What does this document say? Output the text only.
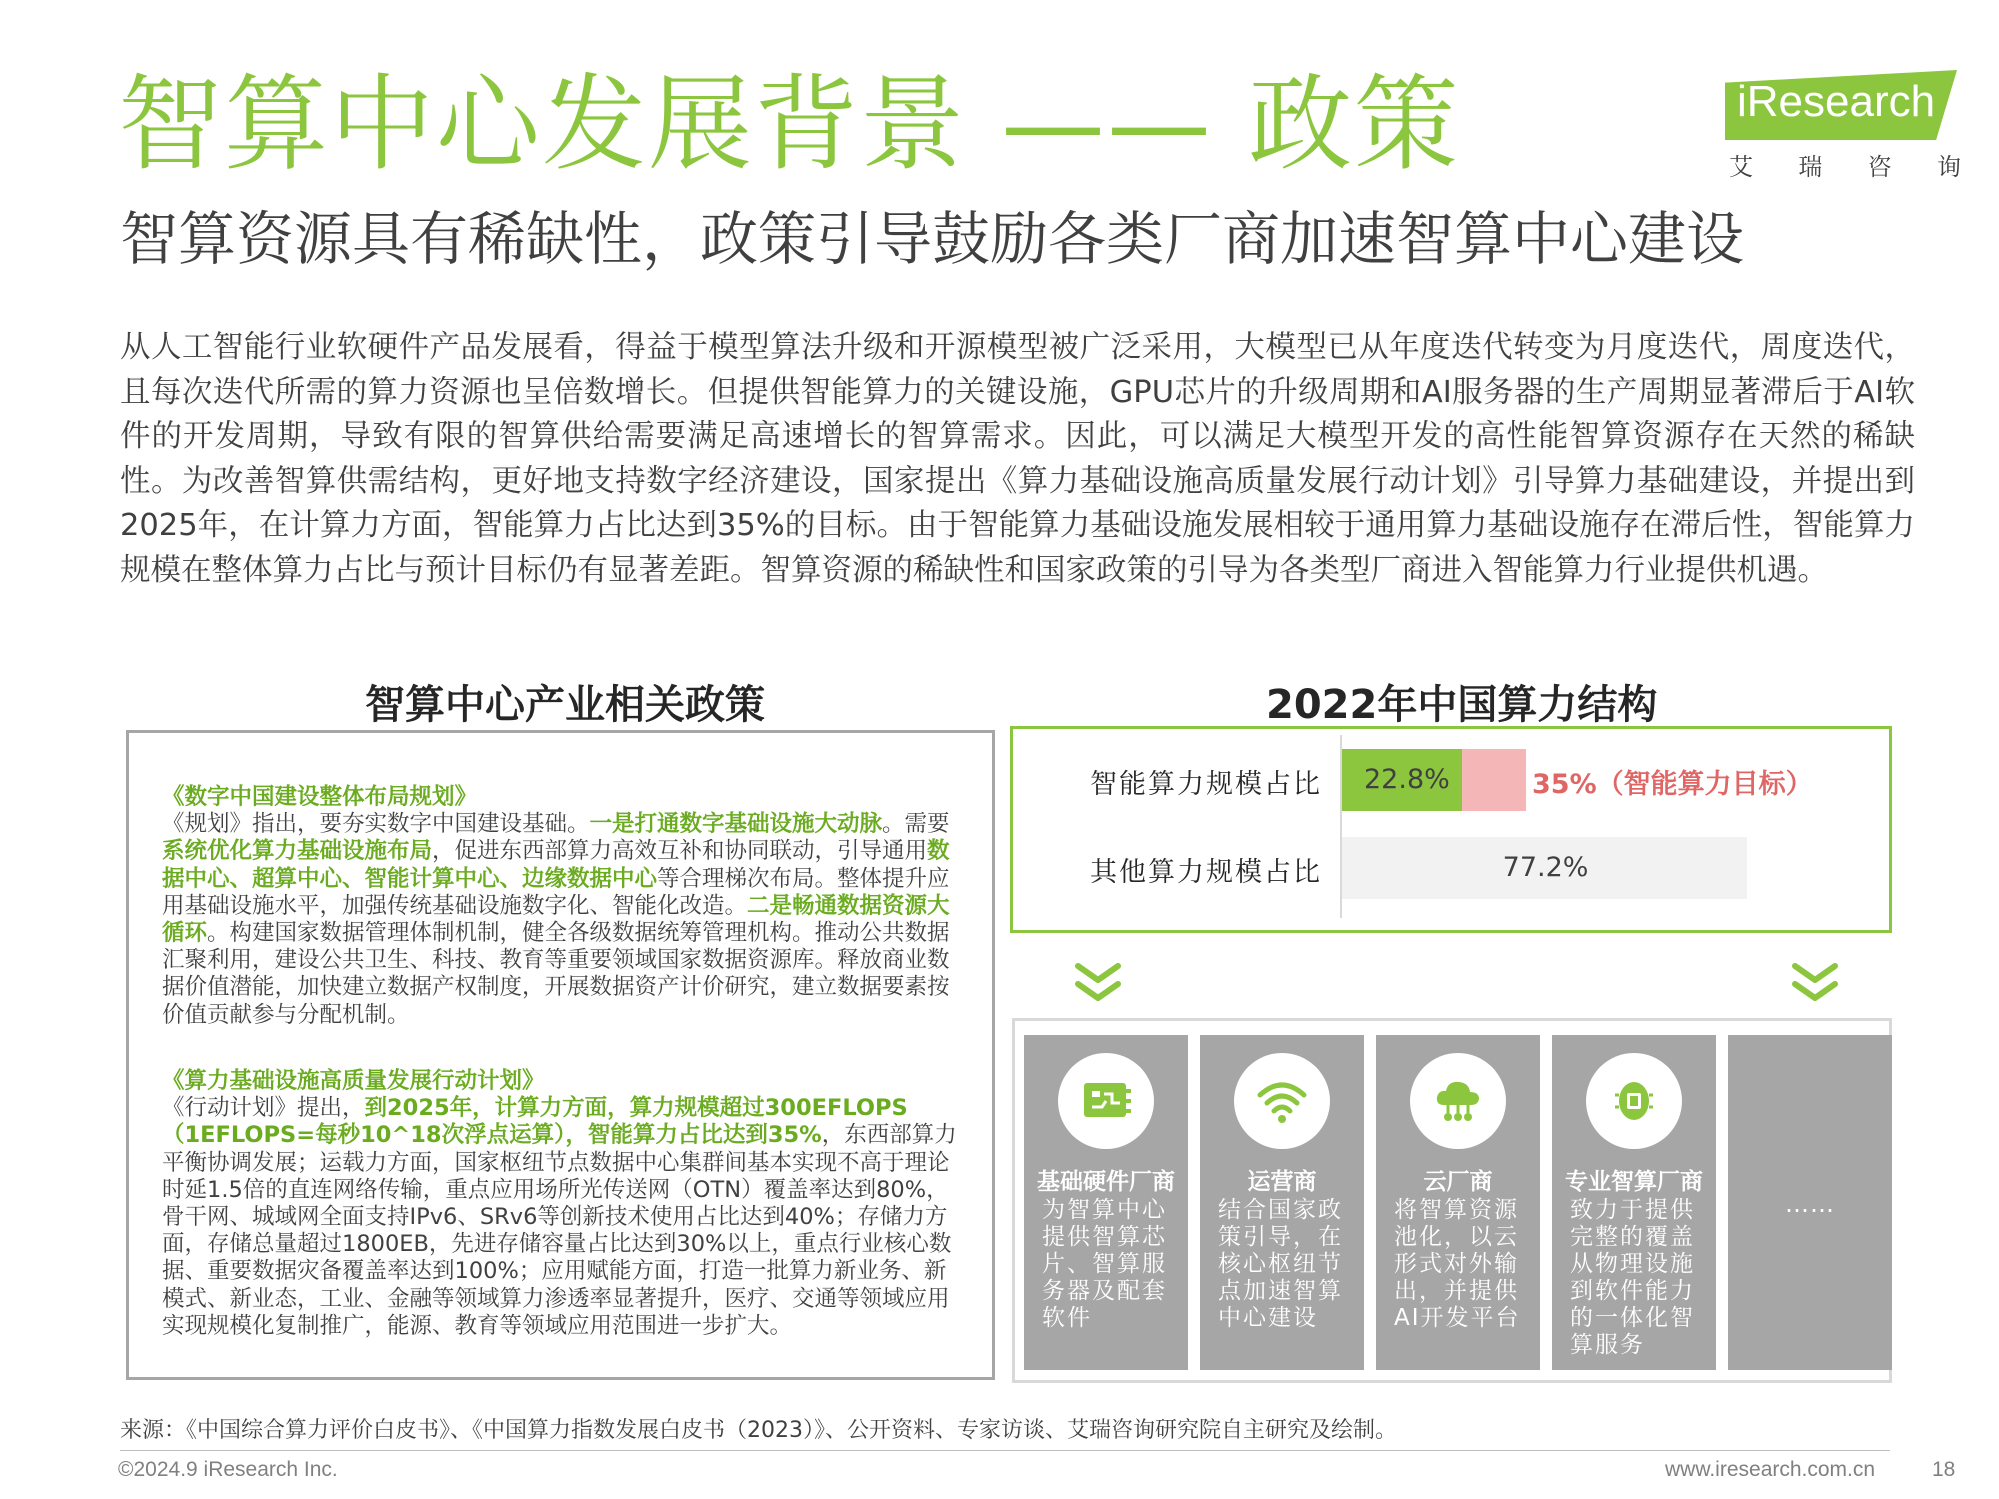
智算中心发展背景 —— 政策
智算资源具有稀缺性，政策引导鼓励各类厂商加速智算中心建设
iResearch
艾 瑞 咨 询
从人工智能行业软硬件产品发展看，得益于模型算法升级和开源模型被广泛采用，大模型已从年度迭代转变为月度迭代，周度迭代，且每次迭代所需的算力资源也呈倍数增长。但提供智能算力的关键设施，GPU芯片的升级周期和AI服务器的生产周期显著滞后于AI软件的开发周期，导致有限的智算供给需要满足高速增长的智算需求。因此，可以满足大模型开发的高性能智算资源存在天然的稀缺性。为改善智算供需结构，更好地支持数字经济建设，国家提出《算力基础设施高质量发展行动计划》引导算力基础建设，并提出到2025年，在计算力方面，智能算力占比达到35%的目标。由于智能算力基础设施发展相较于通用算力基础设施存在滞后性，智能算力规模在整体算力占比与预计目标仍有显著差距。智算资源的稀缺性和国家政策的引导为各类型厂商进入智能算力行业提供机遇。
智算中心产业相关政策	2022年中国算力结构
《数字中国建设整体布局规划》
《规划》指出，要夯实数字中国建设基础。一是打通数字基础设施大动脉。需要系统优化算力基础设施布局，促进东西部算力高效互补和协同联动，引导通用数据中心、超算中心、智能计算中心、边缘数据中心等合理梯次布局。整体提升应用基础设施水平，加强传统基础设施数字化、智能化改造。二是畅通数据资源大循环。构建国家数据管理体制机制，健全各级数据统筹管理机构。推动公共数据汇聚利用，建设公共卫生、科技、教育等重要领域国家数据资源库。释放商业数据价值潜能，加快建立数据产权制度，开展数据资产计价研究，建立数据要素按价值贡献参与分配机制。
《算力基础设施高质量发展行动计划》
《行动计划》提出，到2025年，计算力方面，算力规模超过300EFLOPS（1EFLOPS=每秒10^18次浮点运算），智能算力占比达到35%，东西部算力平衡协调发展；运载力方面，国家枢纽节点数据中心集群间基本实现不高于理论时延1.5倍的直连网络传输，重点应用场所光传送网（OTN）覆盖率达到80%，骨干网、城域网全面支持IPv6、SRv6等创新技术使用占比达到40%；存储力方面，存储总量超过1800EB，先进存储容量占比达到30%以上，重点行业核心数据、重要数据灾备覆盖率达到100%；应用赋能方面，打造一批算力新业务、新模式、新业态，工业、金融等领域算力渗透率显著提升，医疗、交通等领域应用实现规模化复制推广，能源、教育等领域应用范围进一步扩大。
智能算力规模占比
其他算力规模占比
22.8%
77.2%
35%（智能算力目标）
基础硬件厂商
为智算中心提供智算芯片、智算服务器及配套软件
运营商
结合国家政策引导，在核心枢纽节点加速智算中心建设
云厂商
将智算资源池化，以云形式对外输出，并提供AI开发平台
专业智算厂商
致力于提供完整的覆盖从物理设施到软件能力的一体化智算服务
……
来源：《中国综合算力评价白皮书》、《中国算力指数发展白皮书（2023）》、公开资料、专家访谈、艾瑞咨询研究院自主研究及绘制。
©2024.9 iResearch Inc.	www.iresearch.com.cn	18
